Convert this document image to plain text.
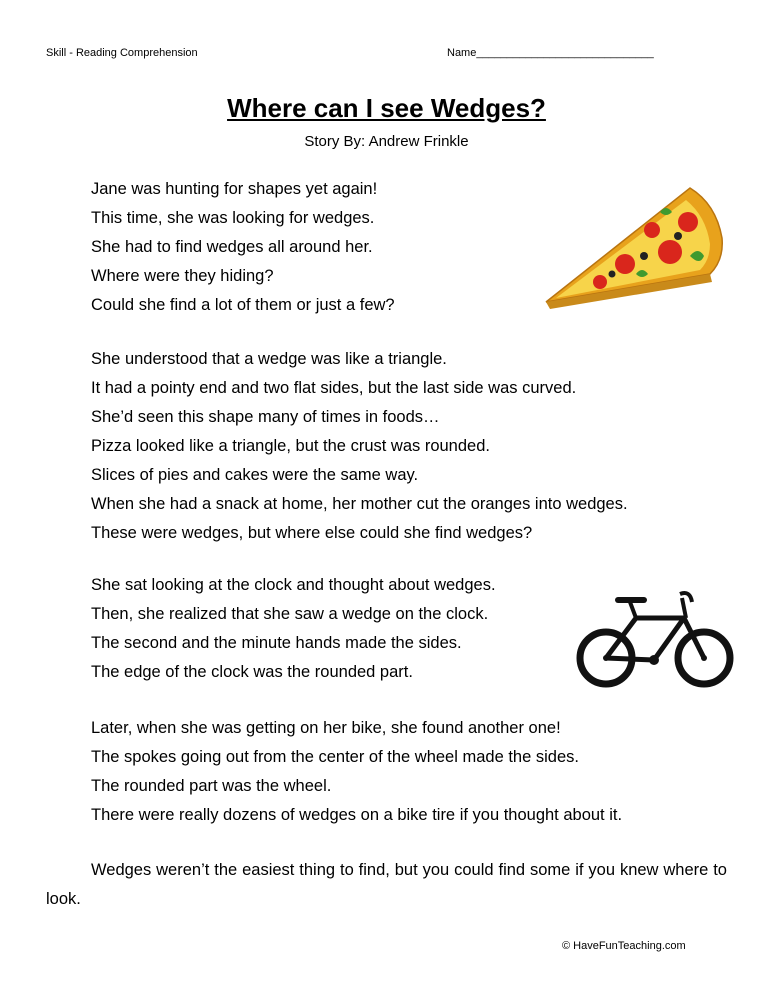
Skill - Reading Comprehension	Name_____________________________
Where can I see Wedges?
Story By: Andrew Frinkle
Jane was hunting for shapes yet again!
This time, she was looking for wedges.
She had to find wedges all around her.
Where were they hiding?
Could she find a lot of them or just a few?
She understood that a wedge was like a triangle.
It had a pointy end and two flat sides, but the last side was curved.
She’d seen this shape many of times in foods…
Pizza looked like a triangle, but the crust was rounded.
Slices of pies and cakes were the same way.
When she had a snack at home, her mother cut the oranges into wedges.
These were wedges, but where else could she find wedges?
She sat looking at the clock and thought about wedges.
Then, she realized that she saw a wedge on the clock.
The second and the minute hands made the sides.
The edge of the clock was the rounded part.
Later, when she was getting on her bike, she found another one!
The spokes going out from the center of the wheel made the sides.
The rounded part was the wheel.
There were really dozens of wedges on a bike tire if you thought about it.
Wedges weren’t the easiest thing to find, but you could find some if you knew where to look.
© HaveFunTeaching.com
